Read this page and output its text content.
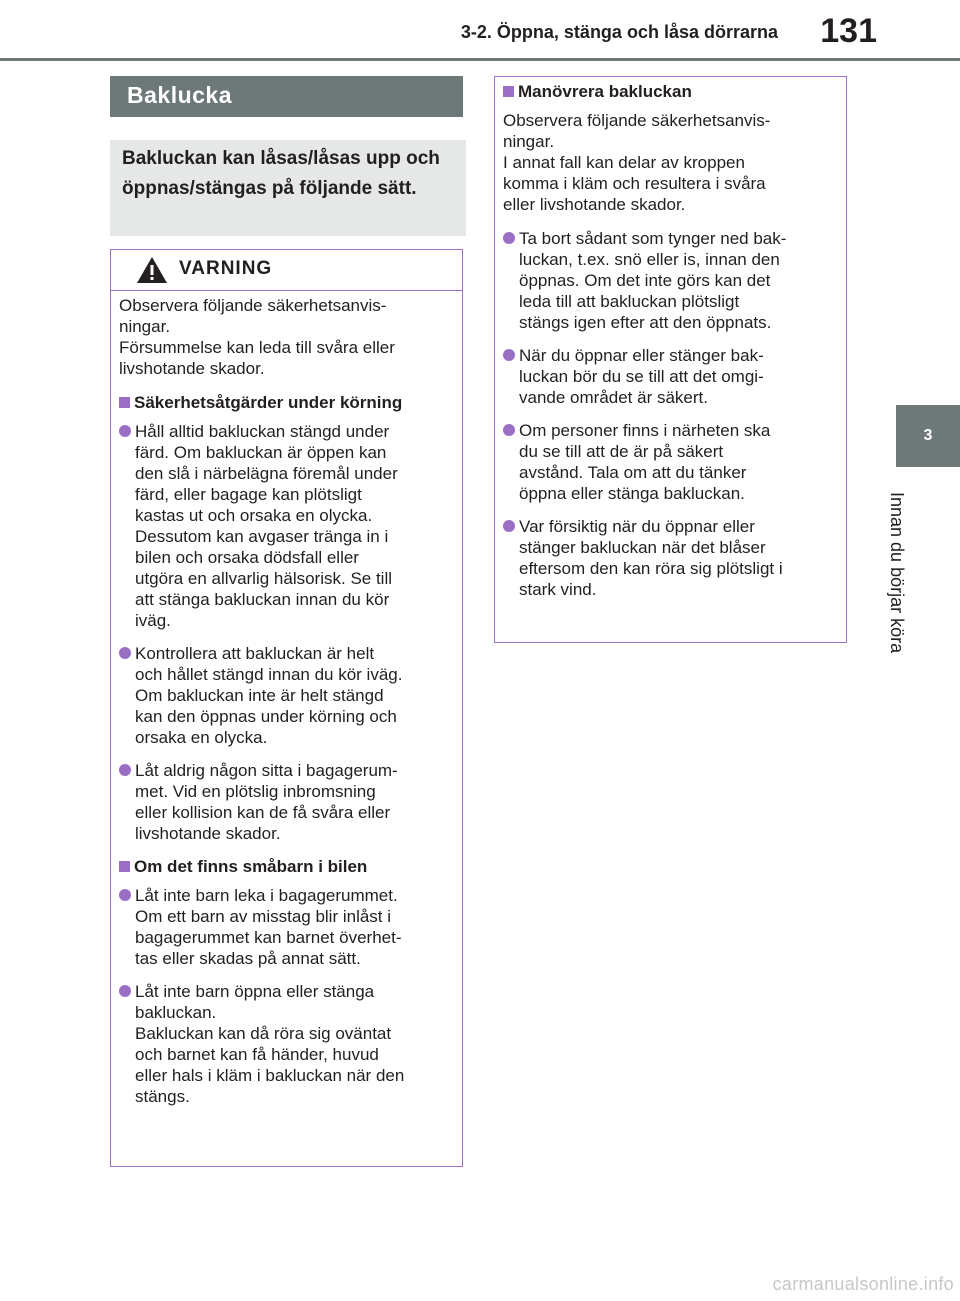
3-2. Öppna, stänga och låsa dörrarna 131
3
Innan du börjar köra
Baklucka
Bakluckan kan låsas/låsas upp och öppnas/stängas på följande sätt.
VARNING

Observera följande säkerhetsanvis-
ningar.
Försummelse kan leda till svåra eller
livshotande skador.

Säkerhetsåtgärder under körning

Håll alltid bakluckan stängd under
färd. Om bakluckan är öppen kan
den slå i närbelägna föremål under
färd, eller bagage kan plötsligt
kastas ut och orsaka en olycka.
Dessutom kan avgaser tränga in i
bilen och orsaka dödsfall eller
utgöra en allvarlig hälsorisk. Se till
att stänga bakluckan innan du kör
iväg.

Kontrollera att bakluckan är helt
och hållet stängd innan du kör iväg.
Om bakluckan inte är helt stängd
kan den öppnas under körning och
orsaka en olycka.

Låt aldrig någon sitta i bagagerum-
met. Vid en plötslig inbromsning
eller kollision kan de få svåra eller
livshotande skador.

Om det finns småbarn i bilen

Låt inte barn leka i bagagerummet.
Om ett barn av misstag blir inlåst i
bagagerummet kan barnet överhet-
tas eller skadas på annat sätt.

Låt inte barn öppna eller stänga
bakluckan.
Bakluckan kan då röra sig oväntat
och barnet kan få händer, huvud
eller hals i kläm i bakluckan när den
stängs.

Manövrera bakluckan

Observera följande säkerhetsanvis-
ningar.
I annat fall kan delar av kroppen
komma i kläm och resultera i svåra
eller livshotande skador.

Ta bort sådant som tynger ned bak-
luckan, t.ex. snö eller is, innan den
öppnas. Om det inte görs kan det
leda till att bakluckan plötsligt
stängs igen efter att den öppnats.

När du öppnar eller stänger bak-
luckan bör du se till att det omgi-
vande området är säkert.

Om personer finns i närheten ska
du se till att de är på säkert
avstånd. Tala om att du tänker
öppna eller stänga bakluckan.

Var försiktig när du öppnar eller
stänger bakluckan när det blåser
eftersom den kan röra sig plötsligt i
stark vind.

carmanualsonline.info
